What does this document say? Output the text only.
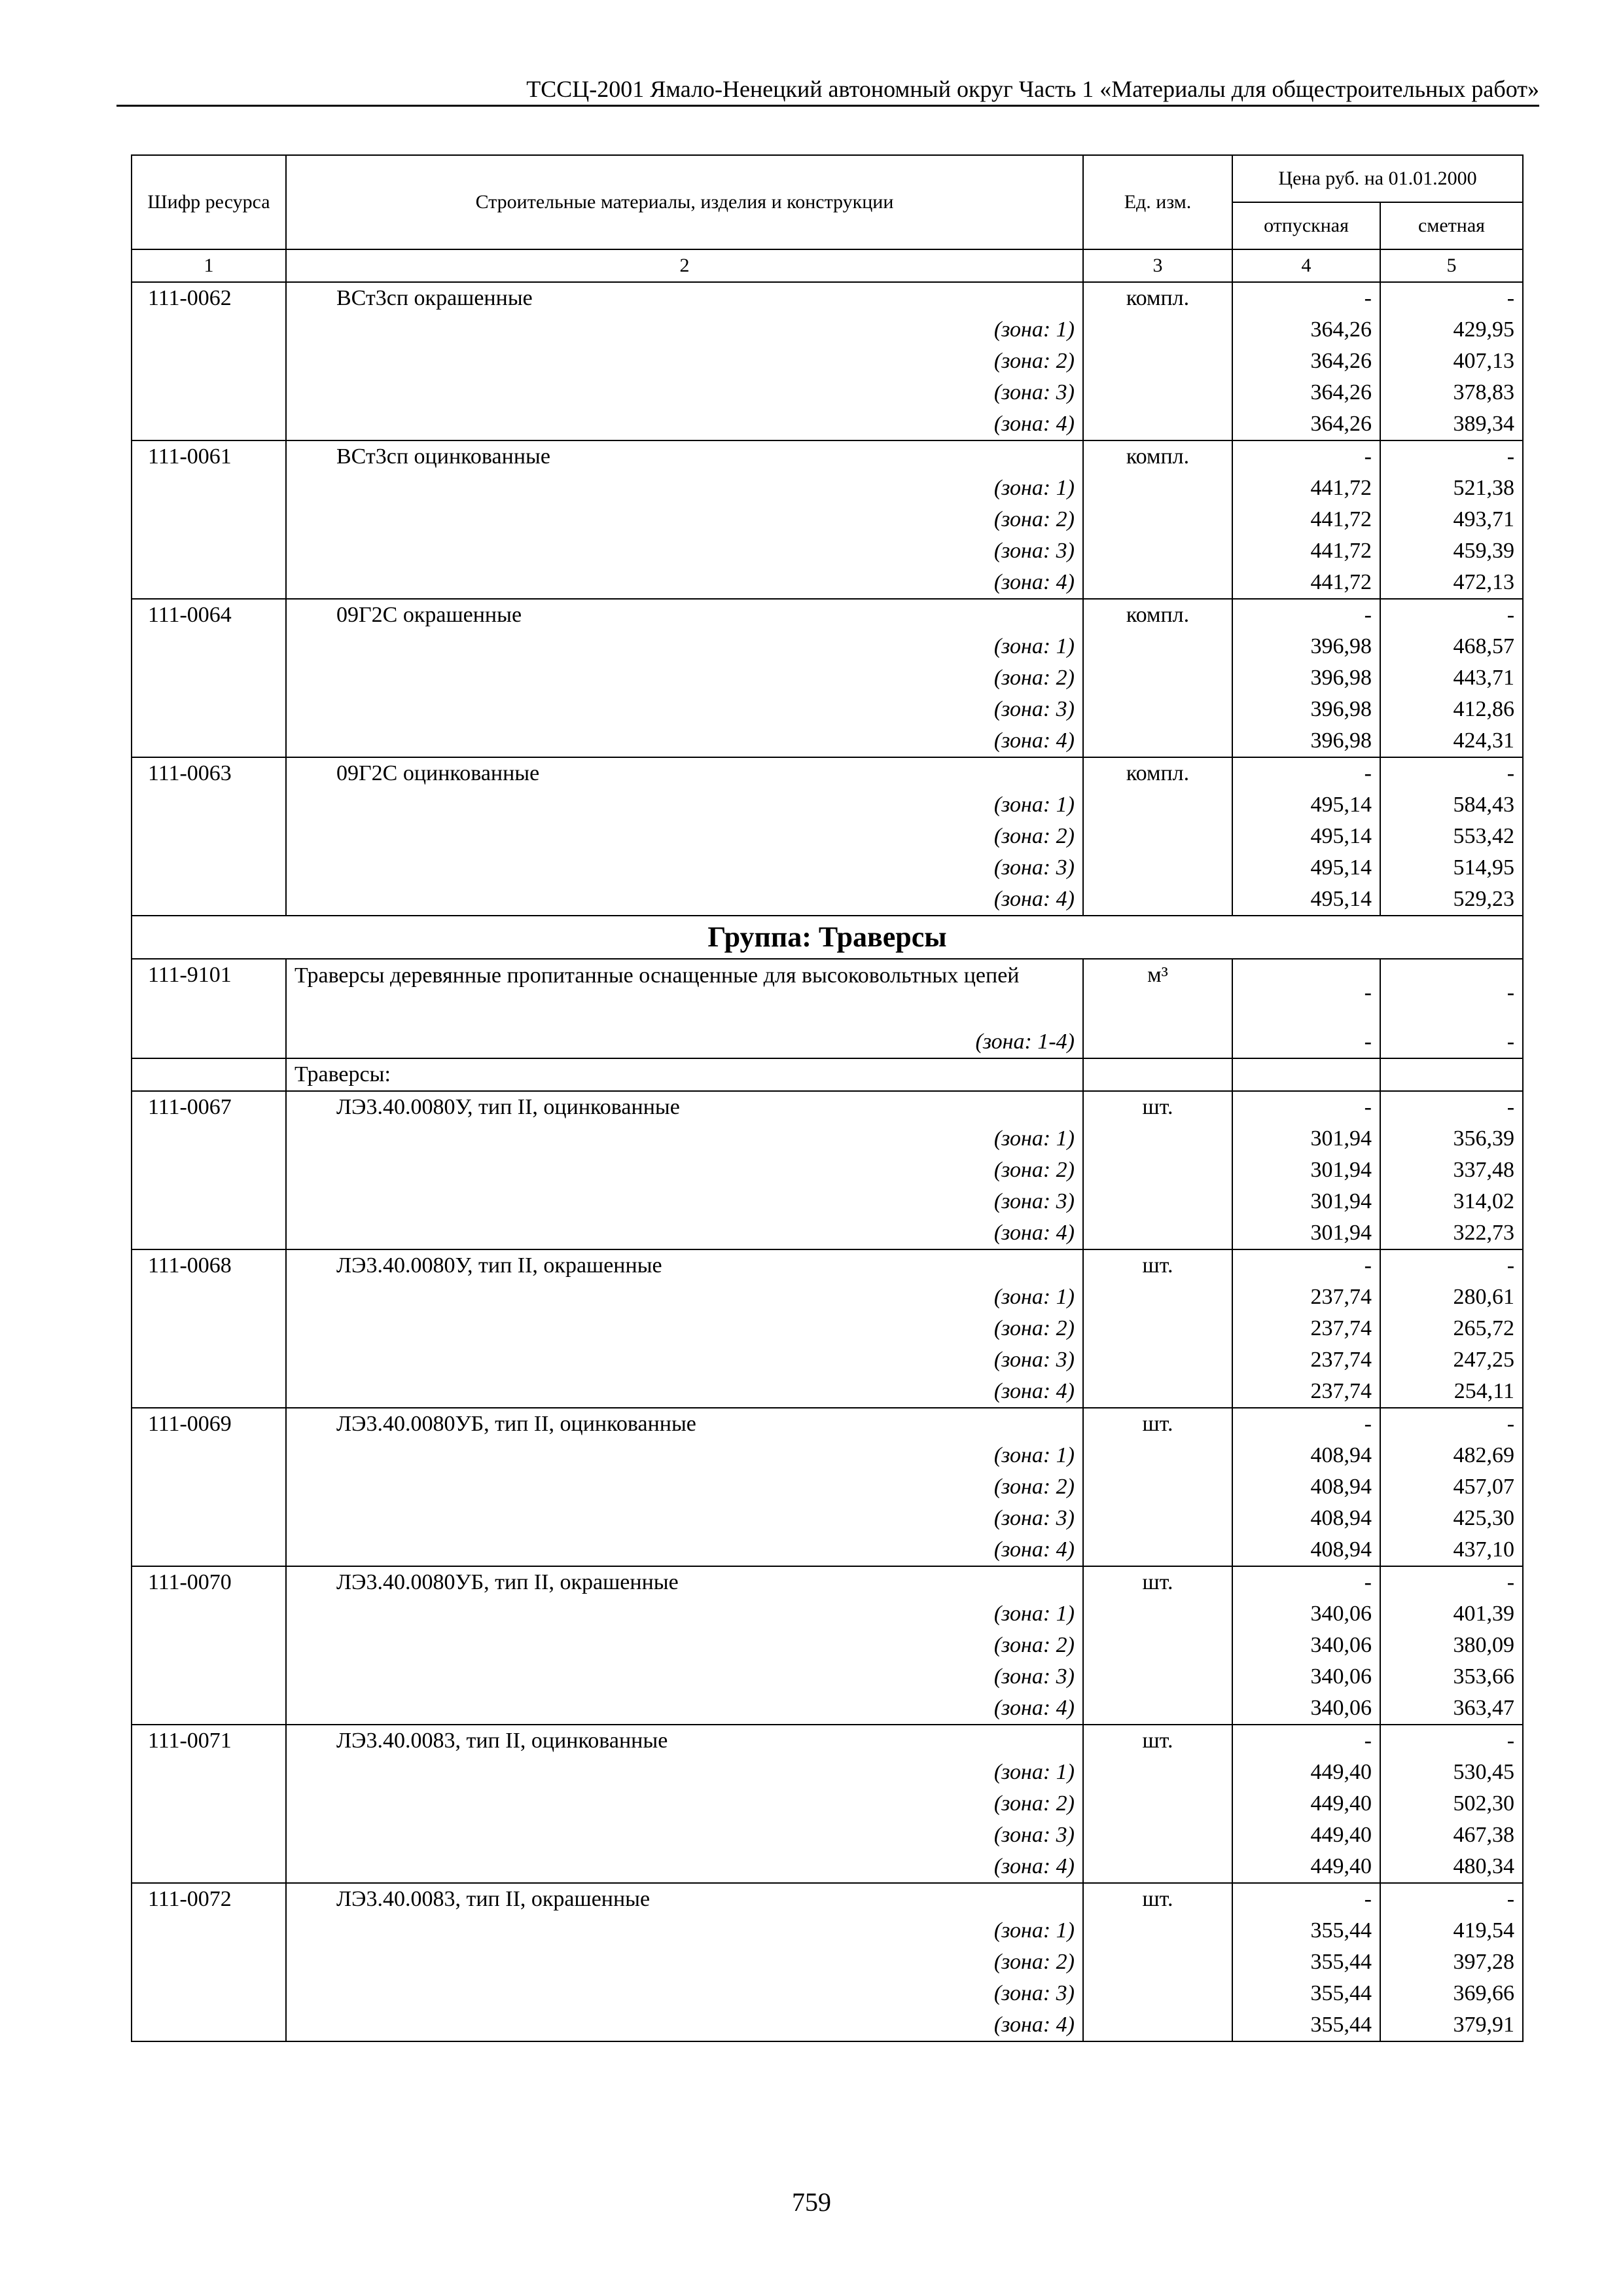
ТССЦ-2001 Ямало-Ненецкий автономный округ Часть 1 «Материалы для общестроительных работ»
Шифр ресурса	Строительные материалы, изделия и конструкции	Ед. изм.	Цена руб. на 01.01.2000	
			отпускная	сметная
1	2	3	4	5
111-0062	ВСт3сп окрашенные	компл.	-	-
	(зона: 1)		364,26	429,95
	(зона: 2)		364,26	407,13
	(зона: 3)		364,26	378,83
	(зона: 4)		364,26	389,34
111-0061	ВСт3сп оцинкованные	компл.	-	-
	(зона: 1)		441,72	521,38
	(зона: 2)		441,72	493,71
	(зона: 3)		441,72	459,39
	(зона: 4)		441,72	472,13
111-0064	09Г2С окрашенные	компл.	-	-
	(зона: 1)		396,98	468,57
	(зона: 2)		396,98	443,71
	(зона: 3)		396,98	412,86
	(зона: 4)		396,98	424,31
111-0063	09Г2С оцинкованные	компл.	-	-
	(зона: 1)		495,14	584,43
	(зона: 2)		495,14	553,42
	(зона: 3)		495,14	514,95
	(зона: 4)		495,14	529,23
Группа: Траверсы				
111-9101	Траверсы деревянные пропитанные оснащенные для высоковольтных цепей	м³	-	-
	(зона: 1-4)		-	-
	Траверсы:			
111-0067	ЛЭ3.40.0080У, тип II, оцинкованные	шт.	-	-
	(зона: 1)		301,94	356,39
	(зона: 2)		301,94	337,48
	(зона: 3)		301,94	314,02
	(зона: 4)		301,94	322,73
111-0068	ЛЭ3.40.0080У, тип II, окрашенные	шт.	-	-
	(зона: 1)		237,74	280,61
	(зона: 2)		237,74	265,72
	(зона: 3)		237,74	247,25
	(зона: 4)		237,74	254,11
111-0069	ЛЭ3.40.0080УБ, тип II, оцинкованные	шт.	-	-
	(зона: 1)		408,94	482,69
	(зона: 2)		408,94	457,07
	(зона: 3)		408,94	425,30
	(зона: 4)		408,94	437,10
111-0070	ЛЭ3.40.0080УБ, тип II, окрашенные	шт.	-	-
	(зона: 1)		340,06	401,39
	(зона: 2)		340,06	380,09
	(зона: 3)		340,06	353,66
	(зона: 4)		340,06	363,47
111-0071	ЛЭ3.40.0083, тип II, оцинкованные	шт.	-	-
	(зона: 1)		449,40	530,45
	(зона: 2)		449,40	502,30
	(зона: 3)		449,40	467,38
	(зона: 4)		449,40	480,34
111-0072	ЛЭ3.40.0083, тип II, окрашенные	шт.	-	-
	(зона: 1)		355,44	419,54
	(зона: 2)		355,44	397,28
	(зона: 3)		355,44	369,66
	(зона: 4)		355,44	379,91
759
